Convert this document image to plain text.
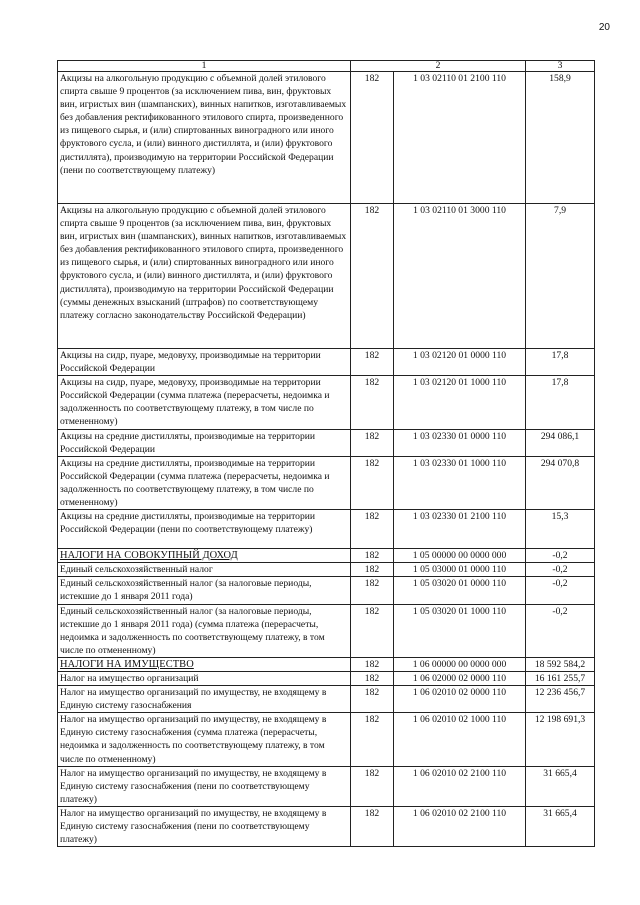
20
1	2		3

Акцизы на алкогольную продукцию с объемной долей этилового спирта свыше 9 процентов (за исключением пива, вин, фруктовых вин, игристых вин (шампанских), винных напитков, изготавливаемых без добавления ректификованного этилового спирта, произведенного из пищевого сырья, и (или) спиртованных виноградного или иного фруктового сусла, и (или) винного дистиллята, и (или) фруктового дистиллята), производимую на территории Российской Федерации (пени по соответствующему платежу)	182	1 03 02110 01 2100 110	158,9

Акцизы на алкогольную продукцию с объемной долей этилового спирта свыше 9 процентов (за исключением пива, вин, фруктовых вин, игристых вин (шампанских), винных напитков, изготавливаемых без добавления ректификованного этилового спирта, произведенного из пищевого сырья, и (или) спиртованных виноградного или иного фруктового сусла, и (или) винного дистиллята, и (или) фруктового дистиллята), производимую на территории Российской Федерации (суммы денежных взысканий (штрафов) по соответствующему платежу согласно законодательству Российской Федерации)	182	1 03 02110 01 3000 110	7,9

Акцизы на сидр, пуаре, медовуху, производимые на территории Российской Федерации	182	1 03 02120 01 0000 110	17,8

Акцизы на сидр, пуаре, медовуху, производимые на территории Российской Федерации (сумма платежа (перерасчеты, недоимка и задолженность по соответствующему платежу, в том числе по отмененному)	182	1 03 02120 01 1000 110	17,8

Акцизы на средние дистилляты, производимые на территории Российской Федерации	182	1 03 02330 01 0000 110	294 086,1

Акцизы на средние дистилляты, производимые на территории Российской Федерации (сумма платежа (перерасчеты, недоимка и задолженность по соответствующему платежу, в том числе по отмененному)	182	1 03 02330 01 1000 110	294 070,8

Акцизы на средние дистилляты, производимые на территории Российской Федерации (пени по соответствующему платежу)	182	1 03 02330 01 2100 110	15,3

НАЛОГИ НА СОВОКУПНЫЙ ДОХОД	182	1 05 00000 00 0000 000	-0,2

Единый сельскохозяйственный налог	182	1 05 03000 01 0000 110	-0,2

Единый сельскохозяйственный налог (за налоговые периоды, истекшие до 1 января 2011 года)	182	1 05 03020 01 0000 110	-0,2

Единый сельскохозяйственный налог (за налоговые периоды, истекшие до 1 января 2011 года) (сумма платежа (перерасчеты, недоимка и задолженность по соответствующему платежу, в том числе по отмененному)	182	1 05 03020 01 1000 110	-0,2

НАЛОГИ НА ИМУЩЕСТВО	182	1 06 00000 00 0000 000	18 592 584,2

Налог на имущество организаций	182	1 06 02000 02 0000 110	16 161 255,7

Налог на имущество организаций по имуществу, не входящему в Единую систему газоснабжения	182	1 06 02010 02 0000 110	12 236 456,7

Налог на имущество организаций по имуществу, не входящему в Единую систему газоснабжения (сумма платежа (перерасчеты, недоимка и задолженность по соответствующему платежу, в том числе по отмененному)	182	1 06 02010 02 1000 110	12 198 691,3

Налог на имущество организаций по имуществу, не входящему в Единую систему газоснабжения (пени по соответствующему платежу)	182	1 06 02010 02 2100 110	31 665,4

Налог на имущество организаций по имуществу, не входящему в Единую систему газоснабжения (пени по соответствующему платежу)	182	1 06 02010 02 2100 110	31 665,4
